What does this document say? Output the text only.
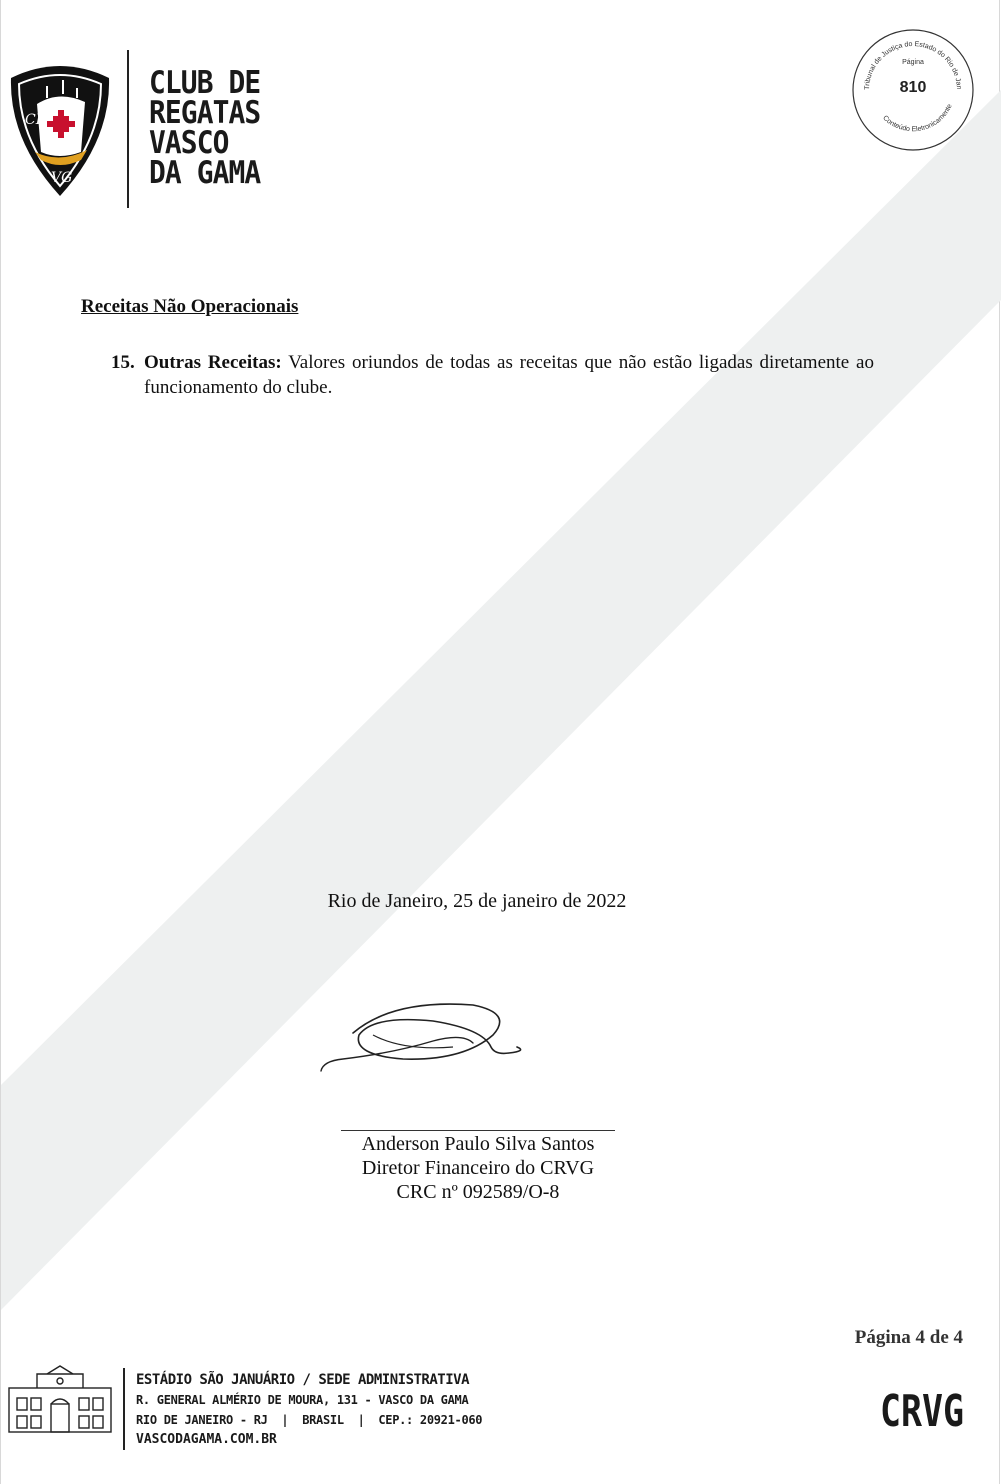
CR
VG
CLUB DE
REGATAS
VASCO
DA GAMA
Tribunal de Justiça do Estado do Rio de Jan
Página
Conteúdo Eletronicamente
810
Receitas Não Operacionais
15. Outras Receitas: Valores oriundos de todas as receitas que não estão ligadas diretamente ao funcionamento do clube.
Rio de Janeiro, 25 de janeiro de 2022
Anderson Paulo Silva Santos
Diretor Financeiro do CRVG
CRC nº 092589/O-8
Página 4 de 4
ESTÁDIO SÃO JANUÁRIO / SEDE ADMINISTRATIVA
R. GENERAL ALMÉRIO DE MOURA, 131 - VASCO DA GAMA
RIO DE JANEIRO - RJ  |  BRASIL  |  CEP.: 20921-060
VASCODAGAMA.COM.BR
CRVG
